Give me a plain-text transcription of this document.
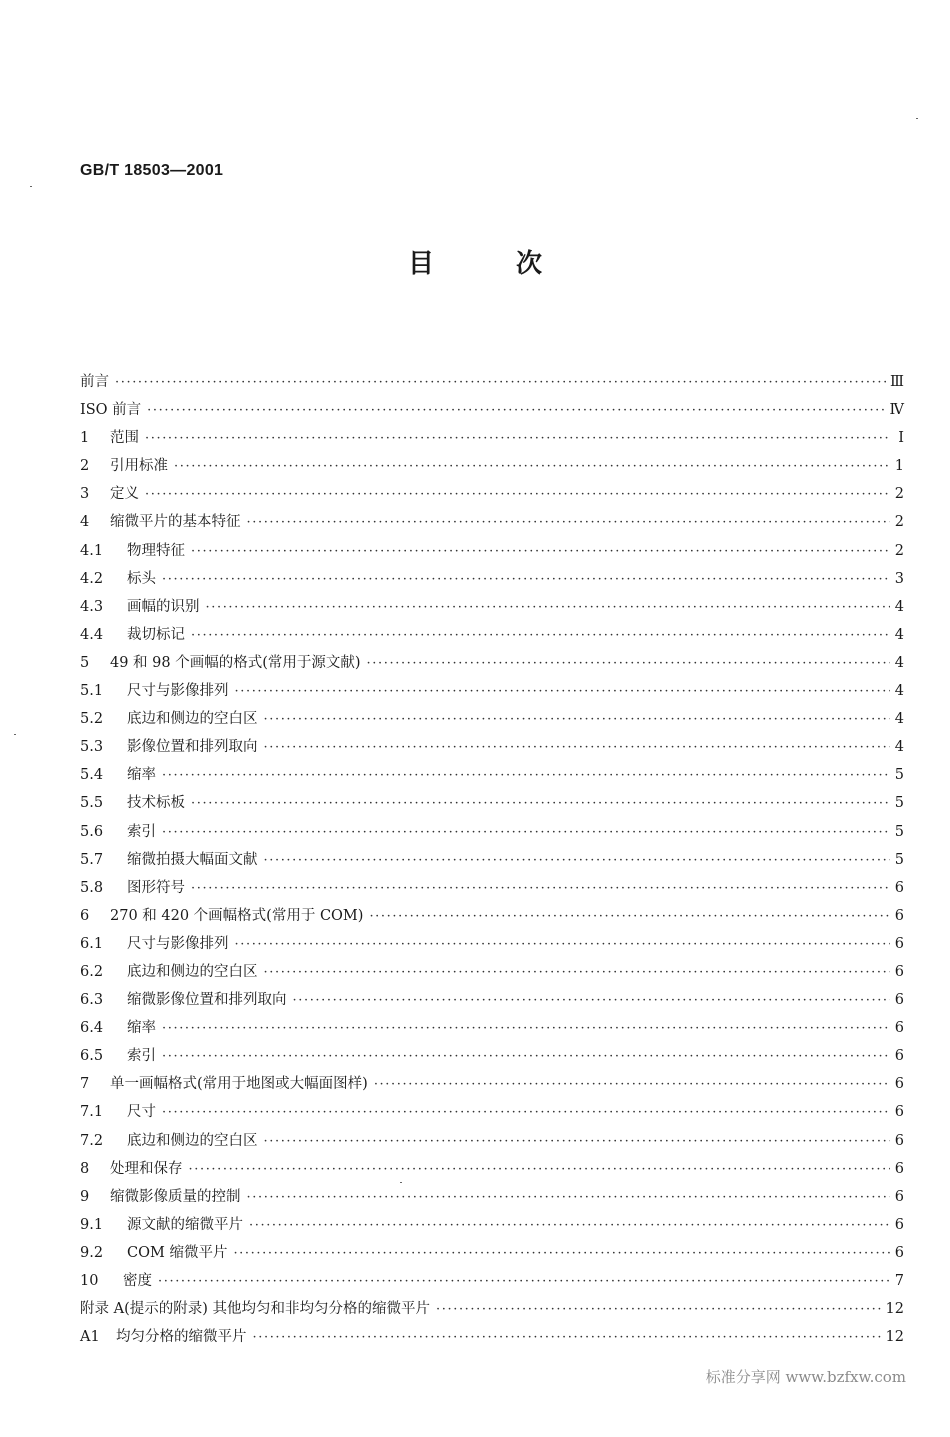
GB/T 18503—2001
目	次
前言 ·····	Ⅲ
ISO 前言 ·····	Ⅳ
1	范围 ·····	I
2	引用标准 ·····	1
3	定义 ·····	2
4	缩微平片的基本特征 ·····	2
4.1	物理特征 ·····	2
4.2	标头 ·····	3
4.3	画幅的识别 ·····	4
4.4	裁切标记 ·····	4
5	49 和 98 个画幅的格式(常用于源文献) ·····	4
5.1	尺寸与影像排列 ·····	4
5.2	底边和侧边的空白区 ·····	4
5.3	影像位置和排列取向 ·····	4
5.4	缩率 ·····	5
5.5	技术标板 ·····	5
5.6	索引 ·····	5
5.7	缩微拍摄大幅面文献 ·····	5
5.8	图形符号 ·····	6
6	270 和 420 个画幅格式(常用于 COM) ·····	6
6.1	尺寸与影像排列 ·····	6
6.2	底边和侧边的空白区 ·····	6
6.3	缩微影像位置和排列取向 ·····	6
6.4	缩率 ·····	6
6.5	索引 ·····	6
7	单一画幅格式(常用于地图或大幅面图样) ·····	6
7.1	尺寸 ·····	6
7.2	底边和侧边的空白区 ·····	6
8	处理和保存 ·····	6
9	缩微影像质量的控制 ·····	6
9.1	源文献的缩微平片 ·····	6
9.2	COM 缩微平片 ·····	6
10	密度 ·····	7
附录 A(提示的附录) 其他均匀和非均匀分格的缩微平片 ·····	12
A1	均匀分格的缩微平片 ·····	12
标准分享网 www.bzfxw.com
